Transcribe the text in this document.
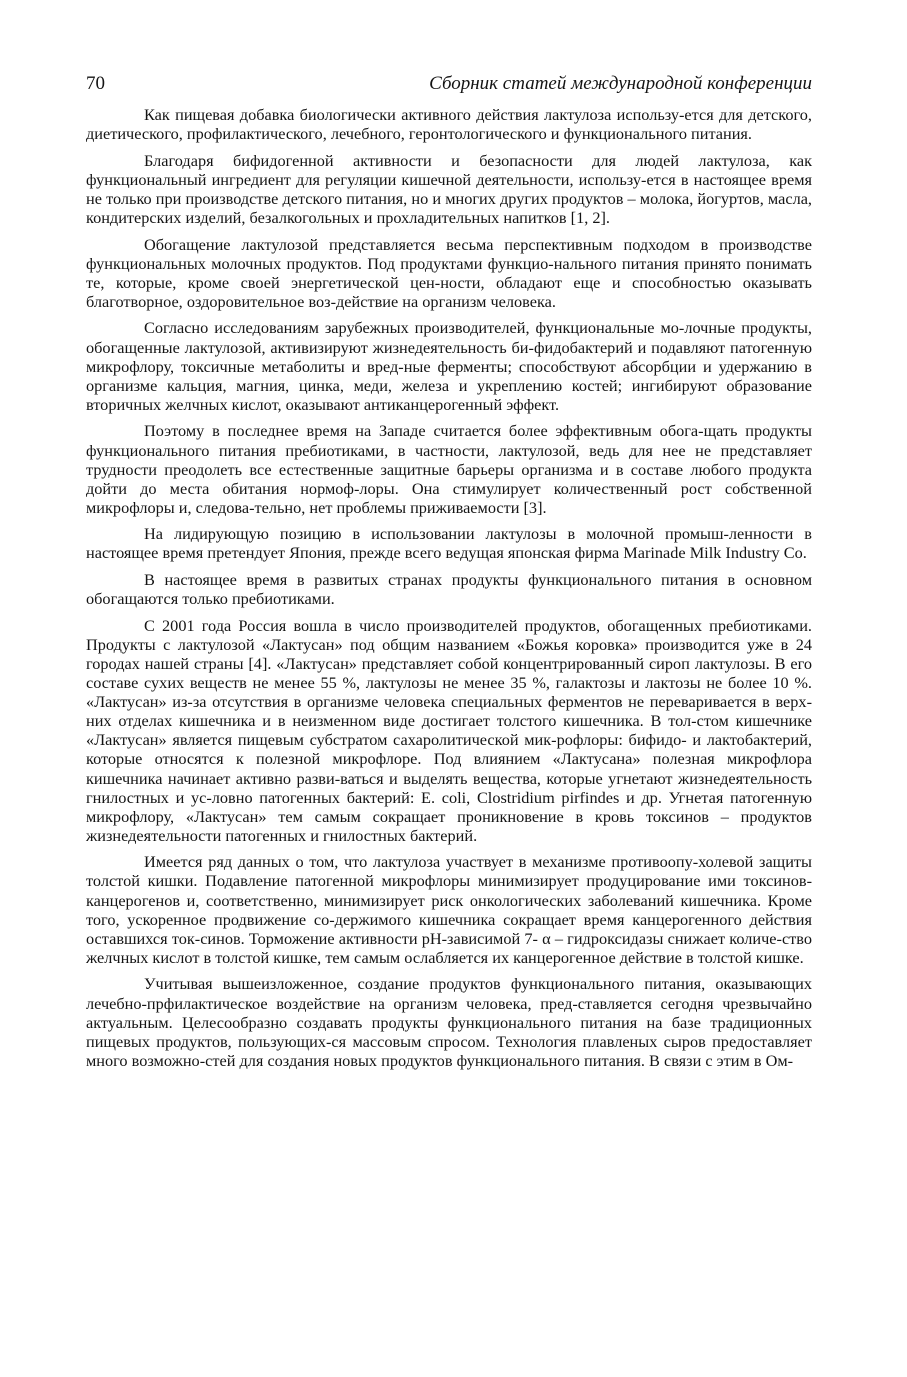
70	Сборник статей международной конференции

Как пищевая добавка биологически активного действия лактулоза использу-ется для детского, диетического, профилактического, лечебного, геронтологического и функционального питания.

Благодаря бифидогенной активности и безопасности для людей лактулоза, как функциональный ингредиент для регуляции кишечной деятельности, использу-ется в настоящее время не только при производстве детского питания, но и многих других продуктов – молока, йогуртов, масла, кондитерских изделий, безалкогольных и прохладительных напитков [1, 2].

Обогащение лактулозой представляется весьма перспективным подходом в производстве функциональных молочных продуктов. Под продуктами функцио-нального питания принято понимать те, которые, кроме своей энергетической цен-ности, обладают еще и способностью оказывать благотворное, оздоровительное воз-действие на организм человека.

Согласно исследованиям зарубежных производителей, функциональные мо-лочные продукты, обогащенные лактулозой, активизируют жизнедеятельность би-фидобактерий и подавляют патогенную микрофлору, токсичные метаболиты и вред-ные ферменты; способствуют абсорбции и удержанию в организме кальция, магния, цинка, меди, железа и укреплению костей; ингибируют образование вторичных желчных кислот, оказывают антиканцерогенный эффект.

Поэтому в последнее время на Западе считается более эффективным обога-щать продукты функционального питания пребиотиками, в частности, лактулозой, ведь для нее не представляет трудности преодолеть все естественные защитные барьеры организма и в составе любого продукта дойти до места обитания нормоф-лоры. Она стимулирует количественный рост собственной микрофлоры и, следова-тельно, нет проблемы приживаемости [3].

На лидирующую позицию в использовании лактулозы в молочной промыш-ленности в настоящее время претендует Япония, прежде всего ведущая японская фирма Marinade Milk Industry Co.

В настоящее время в развитых странах продукты функционального питания в основном обогащаются только пребиотиками.

С 2001 года Россия вошла в число производителей продуктов, обогащенных пребиотиками. Продукты с лактулозой «Лактусан» под общим названием «Божья коровка» производится уже в 24 городах нашей страны [4]. «Лактусан» представляет собой концентрированный сироп лактулозы. В его составе сухих веществ не менее 55 %, лактулозы не менее 35 %, галактозы и лактозы не более 10 %. «Лактусан» из-за отсутствия в организме человека специальных ферментов не переваривается в верх-них отделах кишечника и в неизменном виде достигает толстого кишечника. В тол-стом кишечнике «Лактусан» является пищевым субстратом сахаролитической мик-рофлоры: бифидо- и лактобактерий, которые относятся к полезной микрофлоре. Под влиянием «Лактусана» полезная микрофлора кишечника начинает активно разви-ваться и выделять вещества, которые угнетают жизнедеятельность гнилостных и ус-ловно патогенных бактерий: E. coli, Clostridium pirfindes и др. Угнетая патогенную микрофлору, «Лактусан» тем самым сокращает проникновение в кровь токсинов – продуктов жизнедеятельности патогенных и гнилостных бактерий.

Имеется ряд данных о том, что лактулоза участвует в механизме противоопу-холевой защиты толстой кишки. Подавление патогенной микрофлоры минимизирует продуцирование ими токсинов-канцерогенов и, соответственно, минимизирует риск онкологических заболеваний кишечника. Кроме того, ускоренное продвижение со-держимого кишечника сокращает время канцерогенного действия оставшихся ток-синов. Торможение активности pH-зависимой 7- α – гидроксидазы снижает количе-ство желчных кислот в толстой кишке, тем самым ослабляется их канцерогенное действие в толстой кишке.

Учитывая вышеизложенное, создание продуктов функционального питания, оказывающих лечебно-прфилактическое воздействие на организм человека, пред-ставляется сегодня чрезвычайно актуальным. Целесообразно создавать продукты функционального питания на базе традиционных пищевых продуктов, пользующих-ся массовым спросом. Технология плавленых сыров предоставляет много возможно-стей для создания новых продуктов функционального питания. В связи с этим в Ом-
